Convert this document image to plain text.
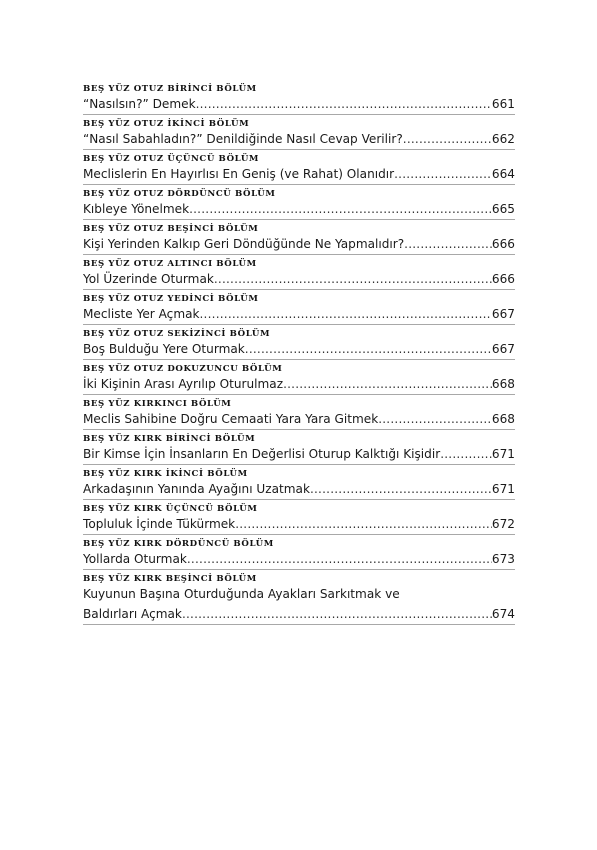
BEŞ YÜZ OTUZ BİRİNCİ BÖLÜM
“Nasılsın?” Demek .....	661
BEŞ YÜZ OTUZ İKİNCİ BÖLÜM
“Nasıl Sabahladın?” Denildiğinde Nasıl Cevap Verilir? .....	662
BEŞ YÜZ OTUZ ÜÇÜNCÜ BÖLÜM
Meclislerin En Hayırlısı En Geniş (ve Rahat) Olanıdır .....	664
BEŞ YÜZ OTUZ DÖRDÜNCÜ BÖLÜM
Kıbleye Yönelmek .....	665
BEŞ YÜZ OTUZ BEŞİNCİ BÖLÜM
Kişi Yerinden Kalkıp Geri Döndüğünde Ne Yapmalıdır? .....	666
BEŞ YÜZ OTUZ ALTINCI BÖLÜM
Yol Üzerinde Oturmak .....	666
BEŞ YÜZ OTUZ YEDİNCİ BÖLÜM
Mecliste Yer Açmak .....	667
BEŞ YÜZ OTUZ SEKİZİNCİ BÖLÜM
Boş Bulduğu Yere Oturmak .....	667
BEŞ YÜZ OTUZ DOKUZUNCU BÖLÜM
İki Kişinin Arası Ayrılıp Oturulmaz .....	668
BEŞ YÜZ KIRKINCI BÖLÜM
Meclis Sahibine Doğru Cemaati Yara Yara Gitmek .....	668
BEŞ YÜZ KIRK BİRİNCİ BÖLÜM
Bir Kimse İçin İnsanların En Değerlisi Oturup Kalktığı Kişidir .....	671
BEŞ YÜZ KIRK İKİNCİ BÖLÜM
Arkadaşının Yanında Ayağını Uzatmak .....	671
BEŞ YÜZ KIRK ÜÇÜNCÜ BÖLÜM
Topluluk İçinde Tükürmek .....	672
BEŞ YÜZ KIRK DÖRDÜNCÜ BÖLÜM
Yollarda Oturmak .....	673
BEŞ YÜZ KIRK BEŞİNCİ BÖLÜM
Kuyunun Başına Oturduğunda Ayakları Sarkıtmak ve
Baldırları Açmak .....	674
